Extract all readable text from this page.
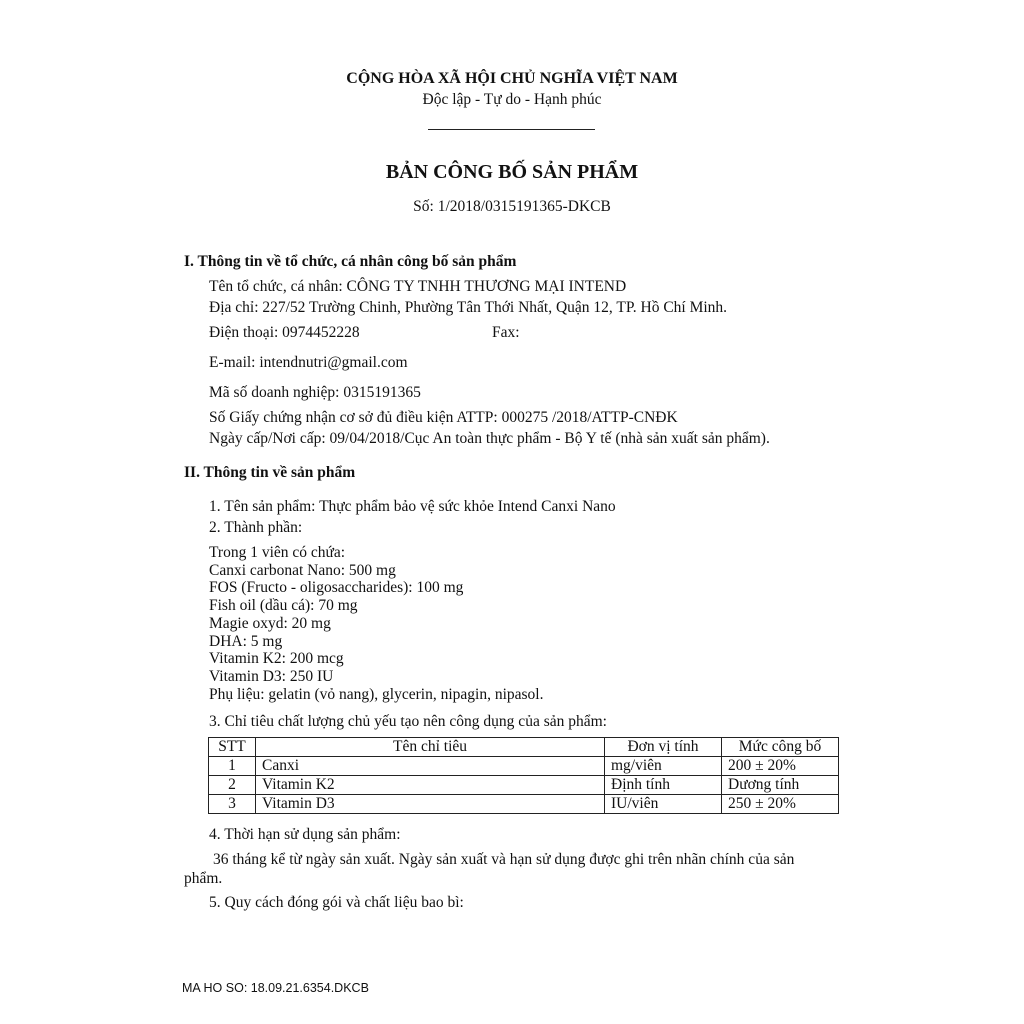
CỘNG HÒA XÃ HỘI CHỦ NGHĨA VIỆT NAM
Độc lập - Tự do - Hạnh phúc
BẢN CÔNG BỐ SẢN PHẨM
Số: 1/2018/0315191365-DKCB
I. Thông tin về tổ chức, cá nhân công bố sản phẩm
Tên tổ chức, cá nhân: CÔNG TY TNHH THƯƠNG MẠI INTEND
Địa chỉ: 227/52 Trường Chinh, Phường Tân Thới Nhất, Quận 12, TP. Hồ Chí Minh.
Điện thoại: 0974452228	Fax:
E-mail: intendnutri@gmail.com
Mã số doanh nghiệp: 0315191365
Số Giấy chứng nhận cơ sở đủ điều kiện ATTP: 000275 /2018/ATTP-CNĐK
Ngày cấp/Nơi cấp: 09/04/2018/Cục An toàn thực phẩm - Bộ Y tế (nhà sản xuất sản phẩm).
II. Thông tin về sản phẩm
1. Tên sản phẩm: Thực phẩm bảo vệ sức khỏe Intend Canxi Nano
2. Thành phần:
Trong 1 viên có chứa:
Canxi carbonat Nano: 500 mg
FOS (Fructo - oligosaccharides): 100 mg
Fish oil (dầu cá): 70 mg
Magie oxyd: 20 mg
DHA: 5 mg
Vitamin K2: 200 mcg
Vitamin D3: 250 IU
Phụ liệu: gelatin (vỏ nang), glycerin, nipagin, nipasol.
3. Chỉ tiêu chất lượng chủ yếu tạo nên công dụng của sản phẩm:
STT	Tên chỉ tiêu	Đơn vị tính	Mức công bố
1	Canxi	mg/viên	200 ± 20%
2	Vitamin K2	Định tính	Dương tính
3	Vitamin D3	IU/viên	250 ± 20%
4. Thời hạn sử dụng sản phẩm:
36 tháng kể từ ngày sản xuất. Ngày sản xuất và hạn sử dụng được ghi trên nhãn chính của sản
phẩm.
5. Quy cách đóng gói và chất liệu bao bì:
MA HO SO: 18.09.21.6354.DKCB
